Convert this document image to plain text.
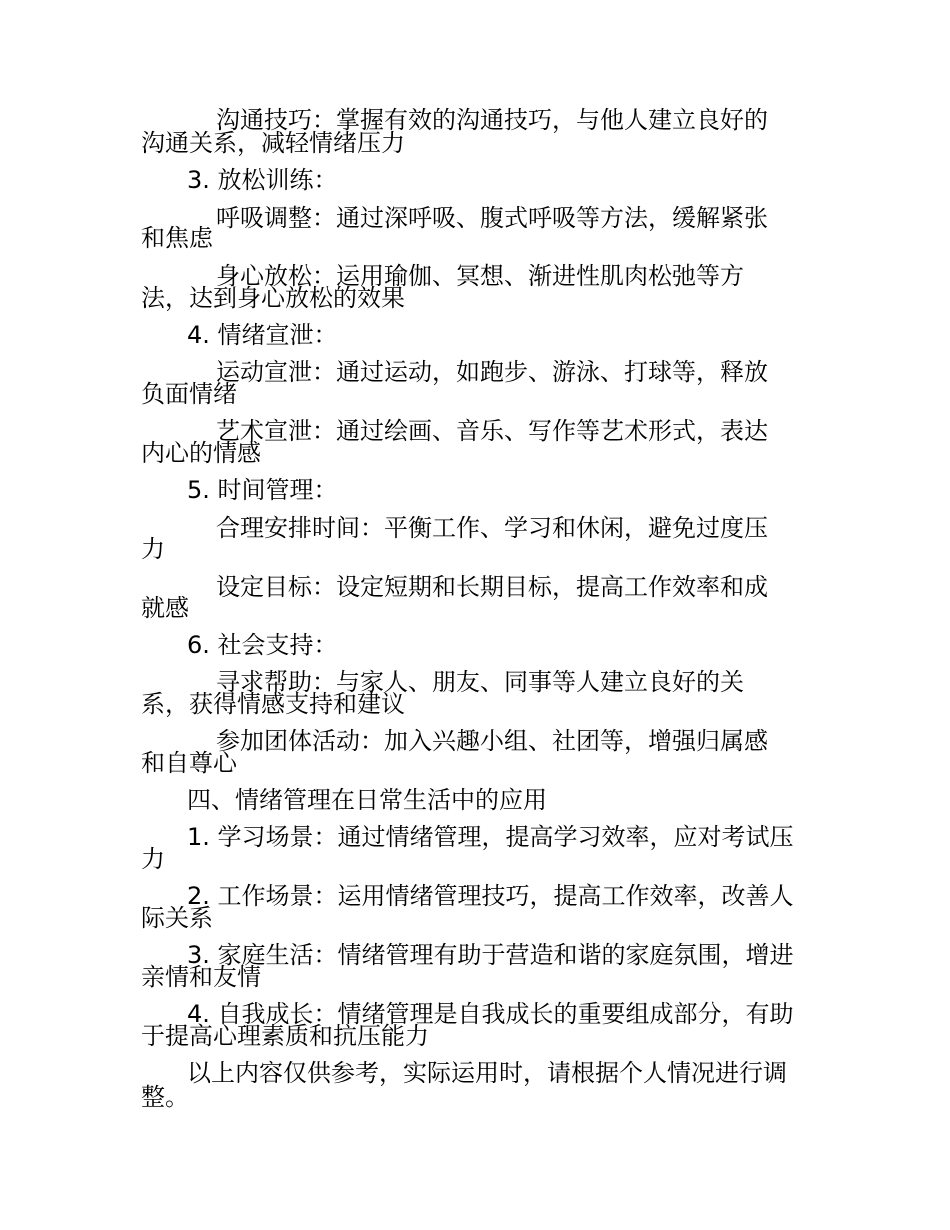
沟通技巧：掌握有效的沟通技巧，与他人建立良好的
沟通关系，减轻情绪压力
3. 放松训练：
呼吸调整：通过深呼吸、腹式呼吸等方法，缓解紧张
和焦虑
身心放松：运用瑜伽、冥想、渐进性肌肉松弛等方
法，达到身心放松的效果
4. 情绪宣泄：
运动宣泄：通过运动，如跑步、游泳、打球等，释放
负面情绪
艺术宣泄：通过绘画、音乐、写作等艺术形式，表达
内心的情感
5. 时间管理：
合理安排时间：平衡工作、学习和休闲，避免过度压
力
设定目标：设定短期和长期目标，提高工作效率和成
就感
6. 社会支持：
寻求帮助：与家人、朋友、同事等人建立良好的关
系，获得情感支持和建议
参加团体活动：加入兴趣小组、社团等，增强归属感
和自尊心
四、情绪管理在日常生活中的应用
1. 学习场景：通过情绪管理，提高学习效率，应对考试压
力
2. 工作场景：运用情绪管理技巧，提高工作效率，改善人
际关系
3. 家庭生活：情绪管理有助于营造和谐的家庭氛围，增进
亲情和友情
4. 自我成长：情绪管理是自我成长的重要组成部分，有助
于提高心理素质和抗压能力
以上内容仅供参考，实际运用时，请根据个人情况进行调
整。
